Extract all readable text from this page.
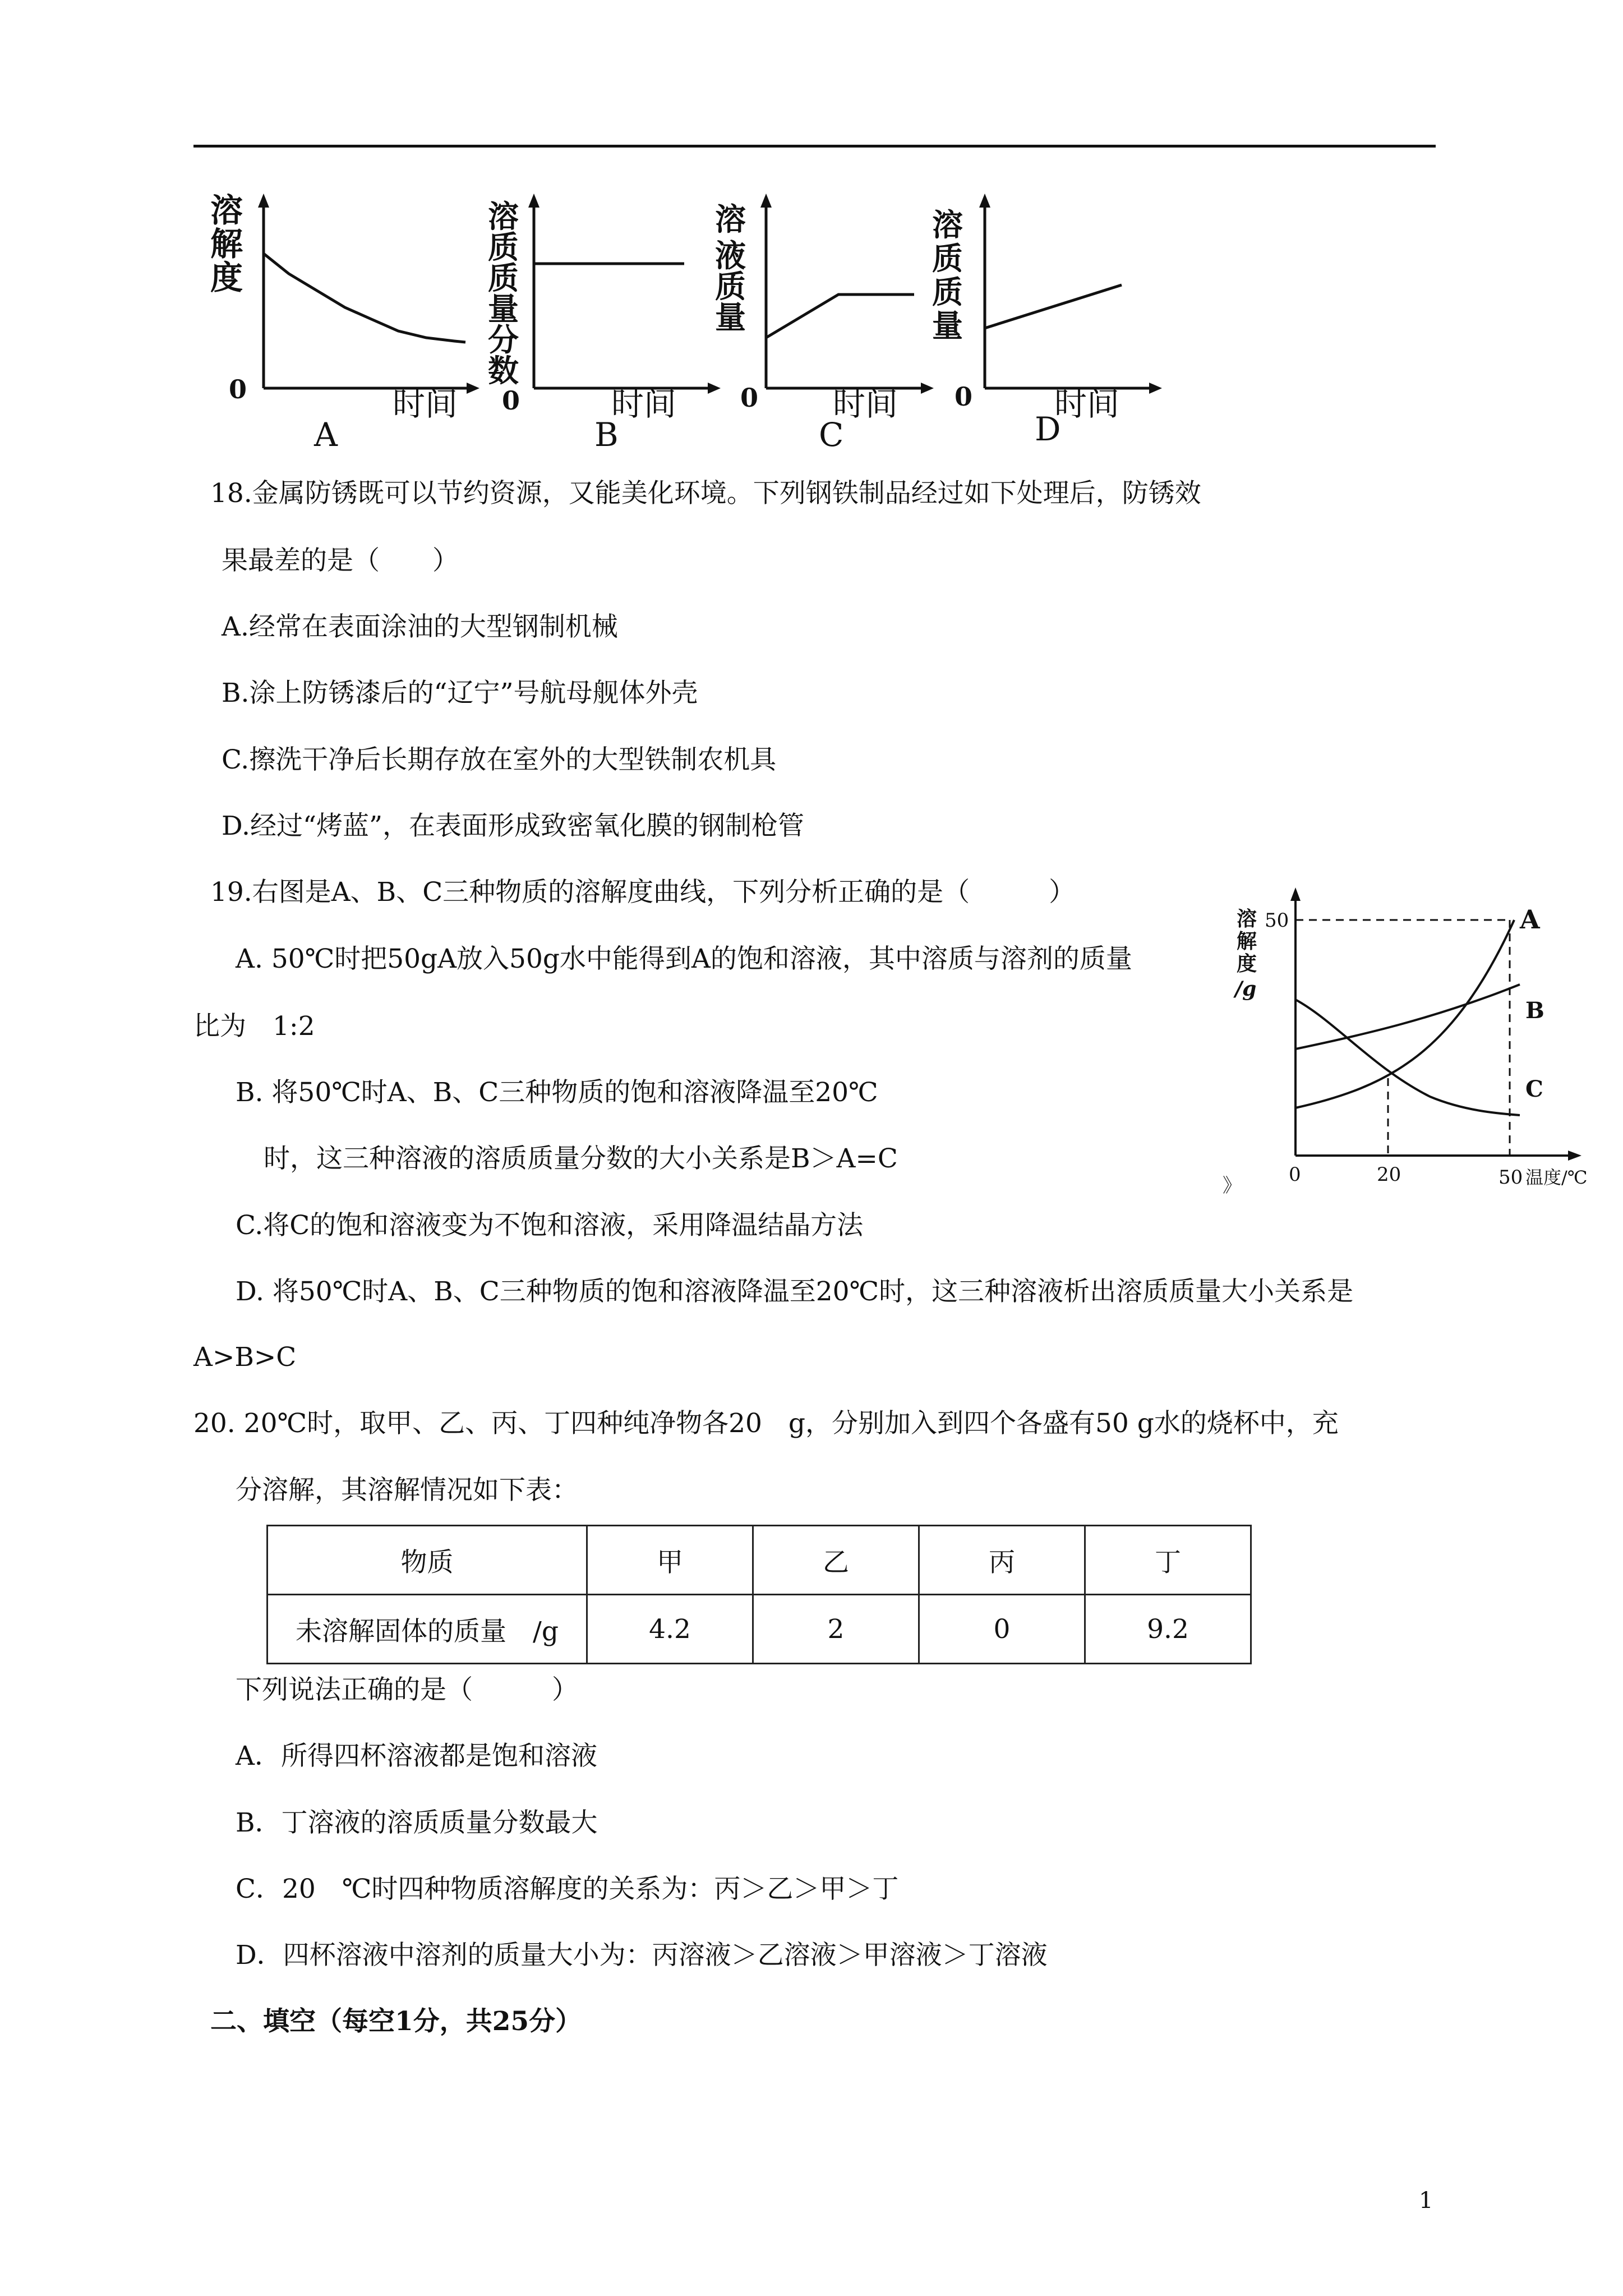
溶
解
度
0	时间
A
溶
质
质
量
分
数
0	时间
B
溶
液
质
量
0 时间
C
溶
质
质
量
0	时间
D
18.金属防锈既可以节约资源，又能美化环境。下列钢铁制品经过如下处理后，防锈效
果最差的是（　　）
A.经常在表面涂油的大型钢制机械
B.涂上防锈漆后的“辽宁”号航母舰体外壳
C.擦洗干净后长期存放在室外的大型铁制农机具
D.经过“烤蓝”，在表面形成致密氧化膜的钢制枪管
19.右图是A、B、C三种物质的溶解度曲线，下列分析正确的是（　　　）
A. 50℃时把50gA放入50g水中能得到A的饱和溶液，其中溶质与溶剂的质量
比为　1:2
B. 将50℃时A、B、C三种物质的饱和溶液降温至20℃
时，这三种溶液的溶质质量分数的大小关系是B＞A=C
C.将C的饱和溶液变为不饱和溶液，采用降温结晶方法
D. 将50℃时A、B、C三种物质的饱和溶液降温至20℃时，这三种溶液析出溶质质量大小关系是
A>B>C
溶
解
度
/g
50
0	20	50 温度/℃
A
B
C
》
20. 20℃时，取甲、乙、丙、丁四种纯净物各20　g，分别加入到四个各盛有50 g水的烧杯中，充
分溶解，其溶解情况如下表：
物质	甲	乙	丙	丁
未溶解固体的质量　/g	4.2	2	0	9.2
下列说法正确的是（　　　）
A．所得四杯溶液都是饱和溶液
B．丁溶液的溶质质量分数最大
C．20　℃时四种物质溶解度的关系为：丙＞乙＞甲＞丁
D．四杯溶液中溶剂的质量大小为：丙溶液＞乙溶液＞甲溶液＞丁溶液
二、填空（每空1分，共25分）
1
